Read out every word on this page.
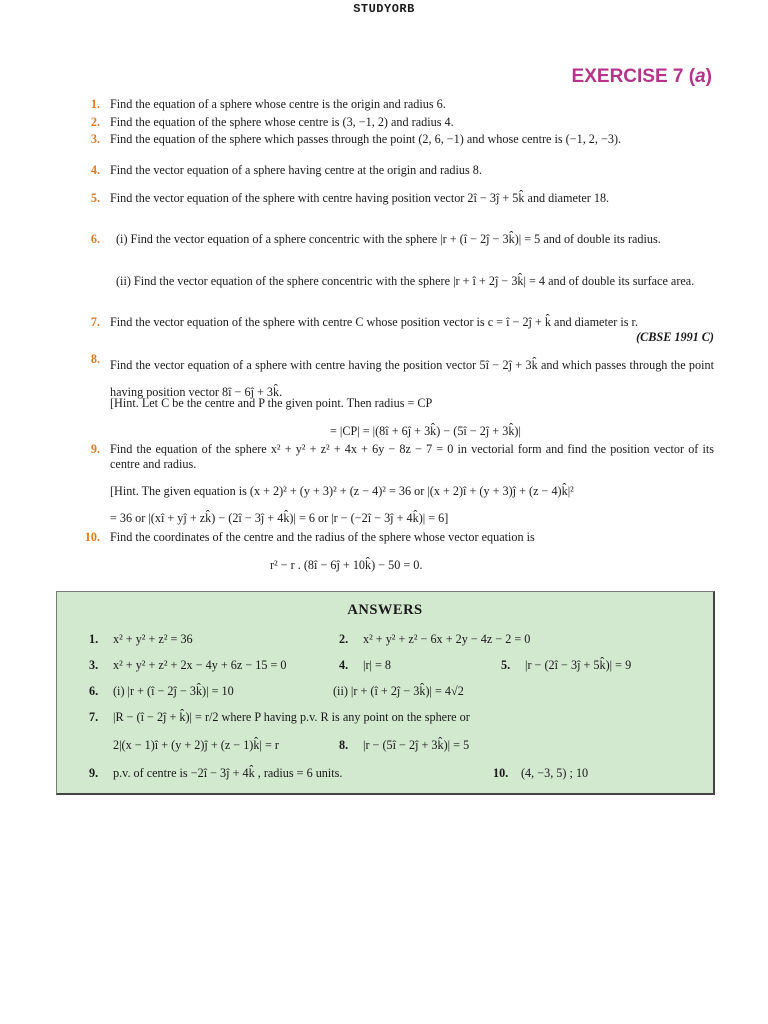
STUDYORB
EXERCISE 7 (a)
1. Find the equation of a sphere whose centre is the origin and radius 6.
2. Find the equation of the sphere whose centre is (3, −1, 2) and radius 4.
3. Find the equation of the sphere which passes through the point (2, 6, −1) and whose centre is (−1, 2, −3).
4. Find the vector equation of a sphere having centre at the origin and radius 8.
5. Find the vector equation of the sphere with centre having position vector 2î − 3ĵ + 5k̂ and diameter 18.
6. (i) Find the vector equation of a sphere concentric with the sphere |r + (î − 2ĵ − 3k̂)| = 5 and of double its radius.
(ii) Find the vector equation of the sphere concentric with the sphere |r + î + 2ĵ − 3k̂| = 4 and of double its surface area.
7. Find the vector equation of the sphere with centre C whose position vector is c = î − 2ĵ + k̂ and diameter is r.
(CBSE 1991 C)
8. Find the vector equation of a sphere with centre having the position vector 5î − 2ĵ + 3k̂ and which passes through the point having position vector 8î − 6ĵ + 3k̂.
[Hint. Let C be the centre and P the given point. Then radius = CP
= |CP| = |(8î + 6ĵ + 3k̂) − (5î − 2ĵ + 3k̂)|
9. Find the equation of the sphere x² + y² + z² + 4x + 6y − 8z − 7 = 0 in vectorial form and find the position vector of its centre and radius.
[Hint. The given equation is (x + 2)² + (y + 3)² + (z − 4)² = 36 or |(x + 2)î + (y + 3)ĵ + (z − 4)k̂|²
= 36 or |(xî + yĵ + zk̂) − (2î − 3ĵ + 4k̂)| = 6 or |r − (−2î − 3ĵ + 4k̂)| = 6]
10. Find the coordinates of the centre and the radius of the sphere whose vector equation is
r² − r . (8î − 6ĵ + 10k̂) − 50 = 0.
ANSWERS
1. x² + y² + z² = 36	2. x² + y² + z² − 6x + 2y − 4z − 2 = 0
3. x² + y² + z² + 2x − 4y + 6z − 15 = 0	4. |r| = 8	5. |r − (2î − 3ĵ + 5k̂)| = 9
6. (i) |r + (î − 2ĵ − 3k̂)| = 10	(ii) |r + (î + 2ĵ − 3k̂)| = 4√2
7. |R − (î − 2ĵ + k̂)| = r/2 where P having p.v. R is any point on the sphere or
2|(x − 1)î + (y + 2)ĵ + (z − 1)k̂| = r	8. |r − (5î − 2ĵ + 3k̂)| = 5
9. p.v. of centre is −2î − 3ĵ + 4k̂ , radius = 6 units.	10. (4, −3, 5) ; 10
